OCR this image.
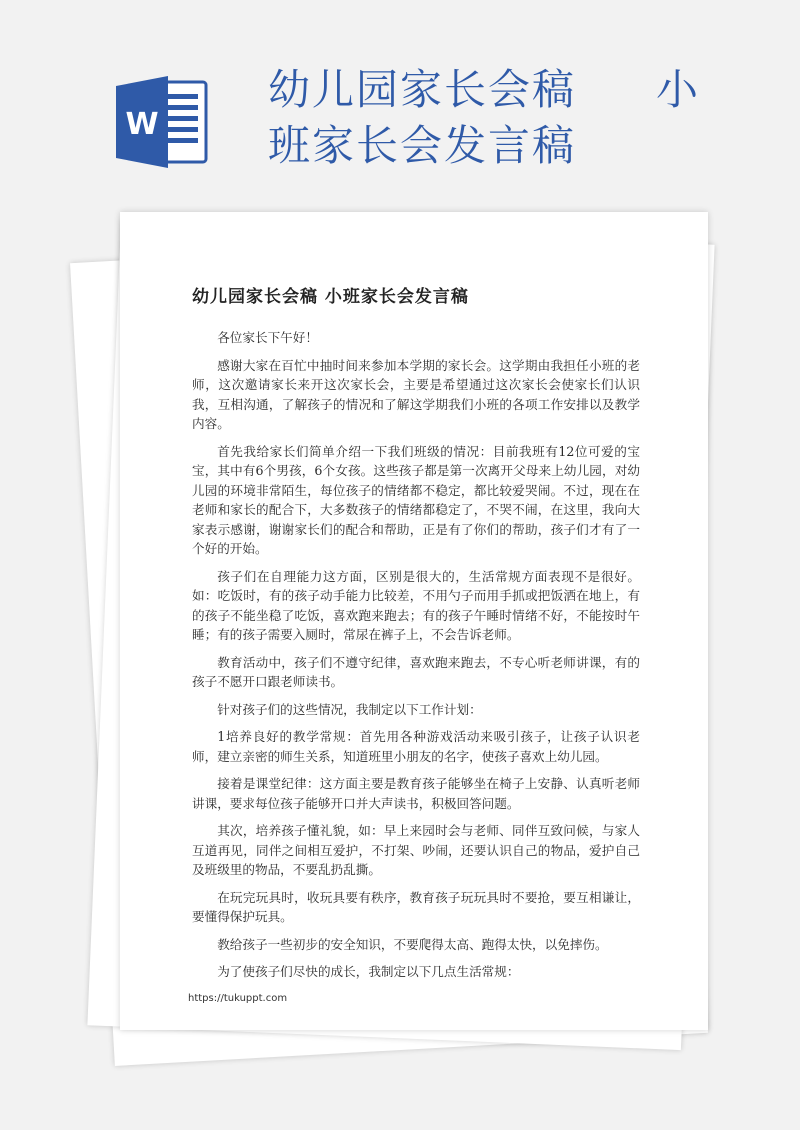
W
幼儿园家长会稿 小
班家长会发言稿
幼儿园家长会稿 小班家长会发言稿

各位家长下午好！

感谢大家在百忙中抽时间来参加本学期的家长会。这学期由我担任小班的老师，这次邀请家长来开这次家长会，主要是希望通过这次家长会使家长们认识我，互相沟通，了解孩子的情况和了解这学期我们小班的各项工作安排以及教学内容。

首先我给家长们简单介绍一下我们班级的情况：目前我班有12位可爱的宝宝，其中有6个男孩，6个女孩。这些孩子都是第一次离开父母来上幼儿园，对幼儿园的环境非常陌生，每位孩子的情绪都不稳定，都比较爱哭闹。不过，现在在老师和家长的配合下，大多数孩子的情绪都稳定了，不哭不闹，在这里，我向大家表示感谢，谢谢家长们的配合和帮助，正是有了你们的帮助，孩子们才有了一个好的开始。

孩子们在自理能力这方面，区别是很大的，生活常规方面表现不是很好。如：吃饭时，有的孩子动手能力比较差，不用勺子而用手抓或把饭洒在地上，有的孩子不能坐稳了吃饭，喜欢跑来跑去；有的孩子午睡时情绪不好，不能按时午睡；有的孩子需要入厕时，常尿在裤子上，不会告诉老师。

教育活动中，孩子们不遵守纪律，喜欢跑来跑去，不专心听老师讲课，有的孩子不愿开口跟老师读书。

针对孩子们的这些情况，我制定以下工作计划：

1培养良好的教学常规：首先用各种游戏活动来吸引孩子，让孩子认识老师，建立亲密的师生关系，知道班里小朋友的名字，使孩子喜欢上幼儿园。

接着是课堂纪律：这方面主要是教育孩子能够坐在椅子上安静、认真听老师讲课，要求每位孩子能够开口并大声读书，积极回答问题。

其次，培养孩子懂礼貌，如：早上来园时会与老师、同伴互致问候，与家人互道再见，同伴之间相互爱护，不打架、吵闹，还要认识自己的物品，爱护自己及班级里的物品，不要乱扔乱撕。

在玩完玩具时，收玩具要有秩序，教育孩子玩玩具时不要抢，要互相谦让，要懂得保护玩具。

教给孩子一些初步的安全知识，不要爬得太高、跑得太快，以免摔伤。

为了使孩子们尽快的成长，我制定以下几点生活常规：

https://tukuppt.com
